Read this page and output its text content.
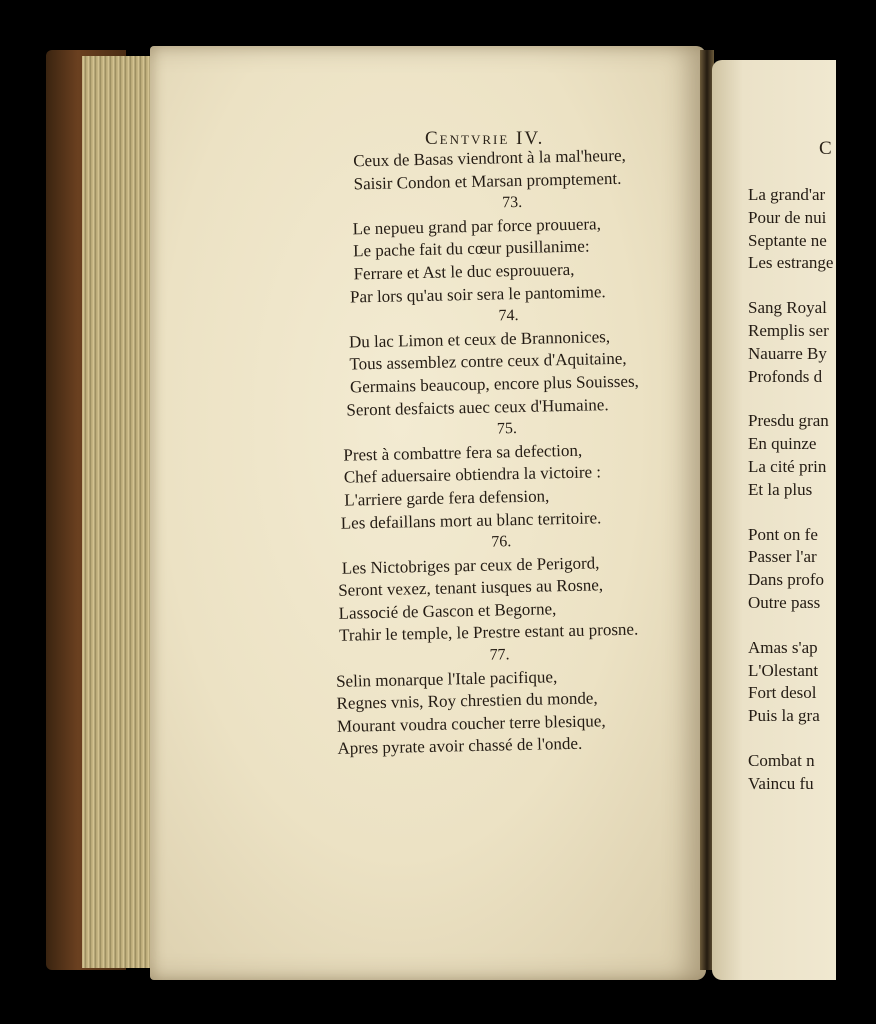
Centvrie IV.
Ceux de Basas viendront à la mal'heure,
Saisir Condon et Marsan promptement.
73.
Le nepueu grand par force prouuera,
Le pache fait du cœur pusillanime:
Ferrare et Ast le duc esprouuera,
Par lors qu'au soir sera le pantomime.
74.
Du lac Limon et ceux de Brannonices,
Tous assemblez contre ceux d'Aquitaine,
Germains beaucoup, encore plus Souisses,
Seront desfaicts auec ceux d'Humaine.
75.
Prest à combattre fera sa defection,
Chef aduersaire obtiendra la victoire :
L'arriere garde fera defension,
Les defaillans mort au blanc territoire.
76.
Les Nictobriges par ceux de Perigord,
Seront vexez, tenant iusques au Rosne,
Lassocié de Gascon et Begorne,
Trahir le temple, le Prestre estant au prosne.
77.
Selin monarque l'Itale pacifique,
Regnes vnis, Roy chrestien du monde,
Mourant voudra coucher terre blesique,
Apres pyrate avoir chassé de l'onde.
C
La grand'ar
Pour de nui
Septante ne
Les estrange
Sang Royal
Remplis ser
Nauarre By
Profonds d
Presdu gran
En quinze
La cité prin
Et la plus
Pont on fe
Passer l'ar
Dans profo
Outre pass
Amas s'ap
L'Olestant
Fort desol
Puis la gra
Combat n
Vaincu fu
